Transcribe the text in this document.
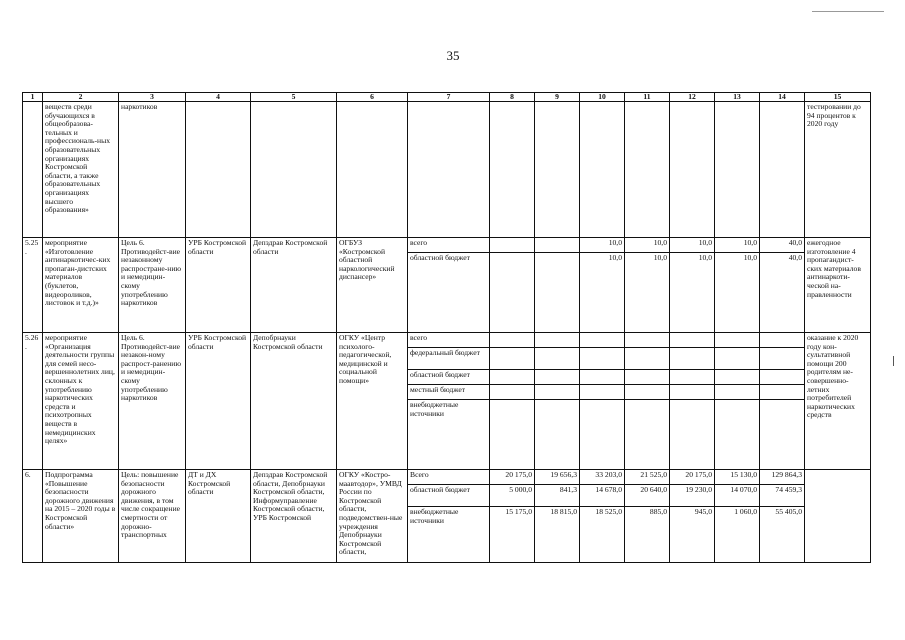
35
1	2	3	4	5	6	7	8	9	10	11	12	13	14	15
	веществ среди обучающихся в общеобразова-тельных и профессиональ-ных образовательных организациях Костромской области, а также образовательных организациях высшего образования»	наркотиков												тестировании до 94 процентов к 2020 году
5.25.	мероприятие «Изготовление антинаркотичес-ких пропаган-дистских материалов (буклетов, видеороликов, листовок и т.д.)»	Цель 6. Противодейст-вие незаконному распростране-нию и немедицин-скому употреблению наркотиков	УРБ Костромской области	Депздрав Костромской области	ОГБУЗ «Костромской областной наркологический диспансер»	всего			10,0	10,0	10,0	10,0	40,0	ежегодное изготовление 4 пропагандист-ских материалов антинаркоти-ческой на-правленности
						областной бюджет			10,0	10,0	10,0	10,0	40,0	
5.26.	мероприятие «Организация деятельности группы для семей несо-вершеннолетних лиц, склонных к употреблению наркотических средств и психотропных веществ в немедицинских целях»	Цель 6. Противодейст-вие незакон-ному распрост-ранению и немедицин-скому употреблению наркотиков	УРБ Костромской области	Депобрнауки Костромской области	ОГКУ «Центр психолого-педагогической, медицинской и социальной помощи»	всего								оказание к 2020 году кон-сультативной помощи 200 родителям не-совершенно-летних потребителей наркотических средств
						федеральный бюджет								
						областной бюджет								
						местный бюджет								
						внебюджетные источники								
6.	Подпрограмма «Повышение безопасности дорожного движения на 2015 – 2020 годы в Костромской области»	Цель: повышение безопасности дорожного движения, в том числе сокращение смертности от дорожно-транспортных	ДТ и ДХ Костромской области	Депздрав Костромской области, Депобрнауки Костромской области, Информуправление Костромской области, УРБ Костромской	ОГКУ «Костро-маавтодор», УМВД России по Костромской области, подведомствен-ные учреждения Депобрнауки Костромской области,	Всего	20 175,0	19 656,3	33 203,0	21 525,0	20 175,0	15 130,0	129 864,3	
						областной бюджет	5 000,0	841,3	14 678,0	20 640,0	19 230,0	14 070,0	74 459,3	
						внебюджетные источники	15 175,0	18 815,0	18 525,0	885,0	945,0	1 060,0	55 405,0	
